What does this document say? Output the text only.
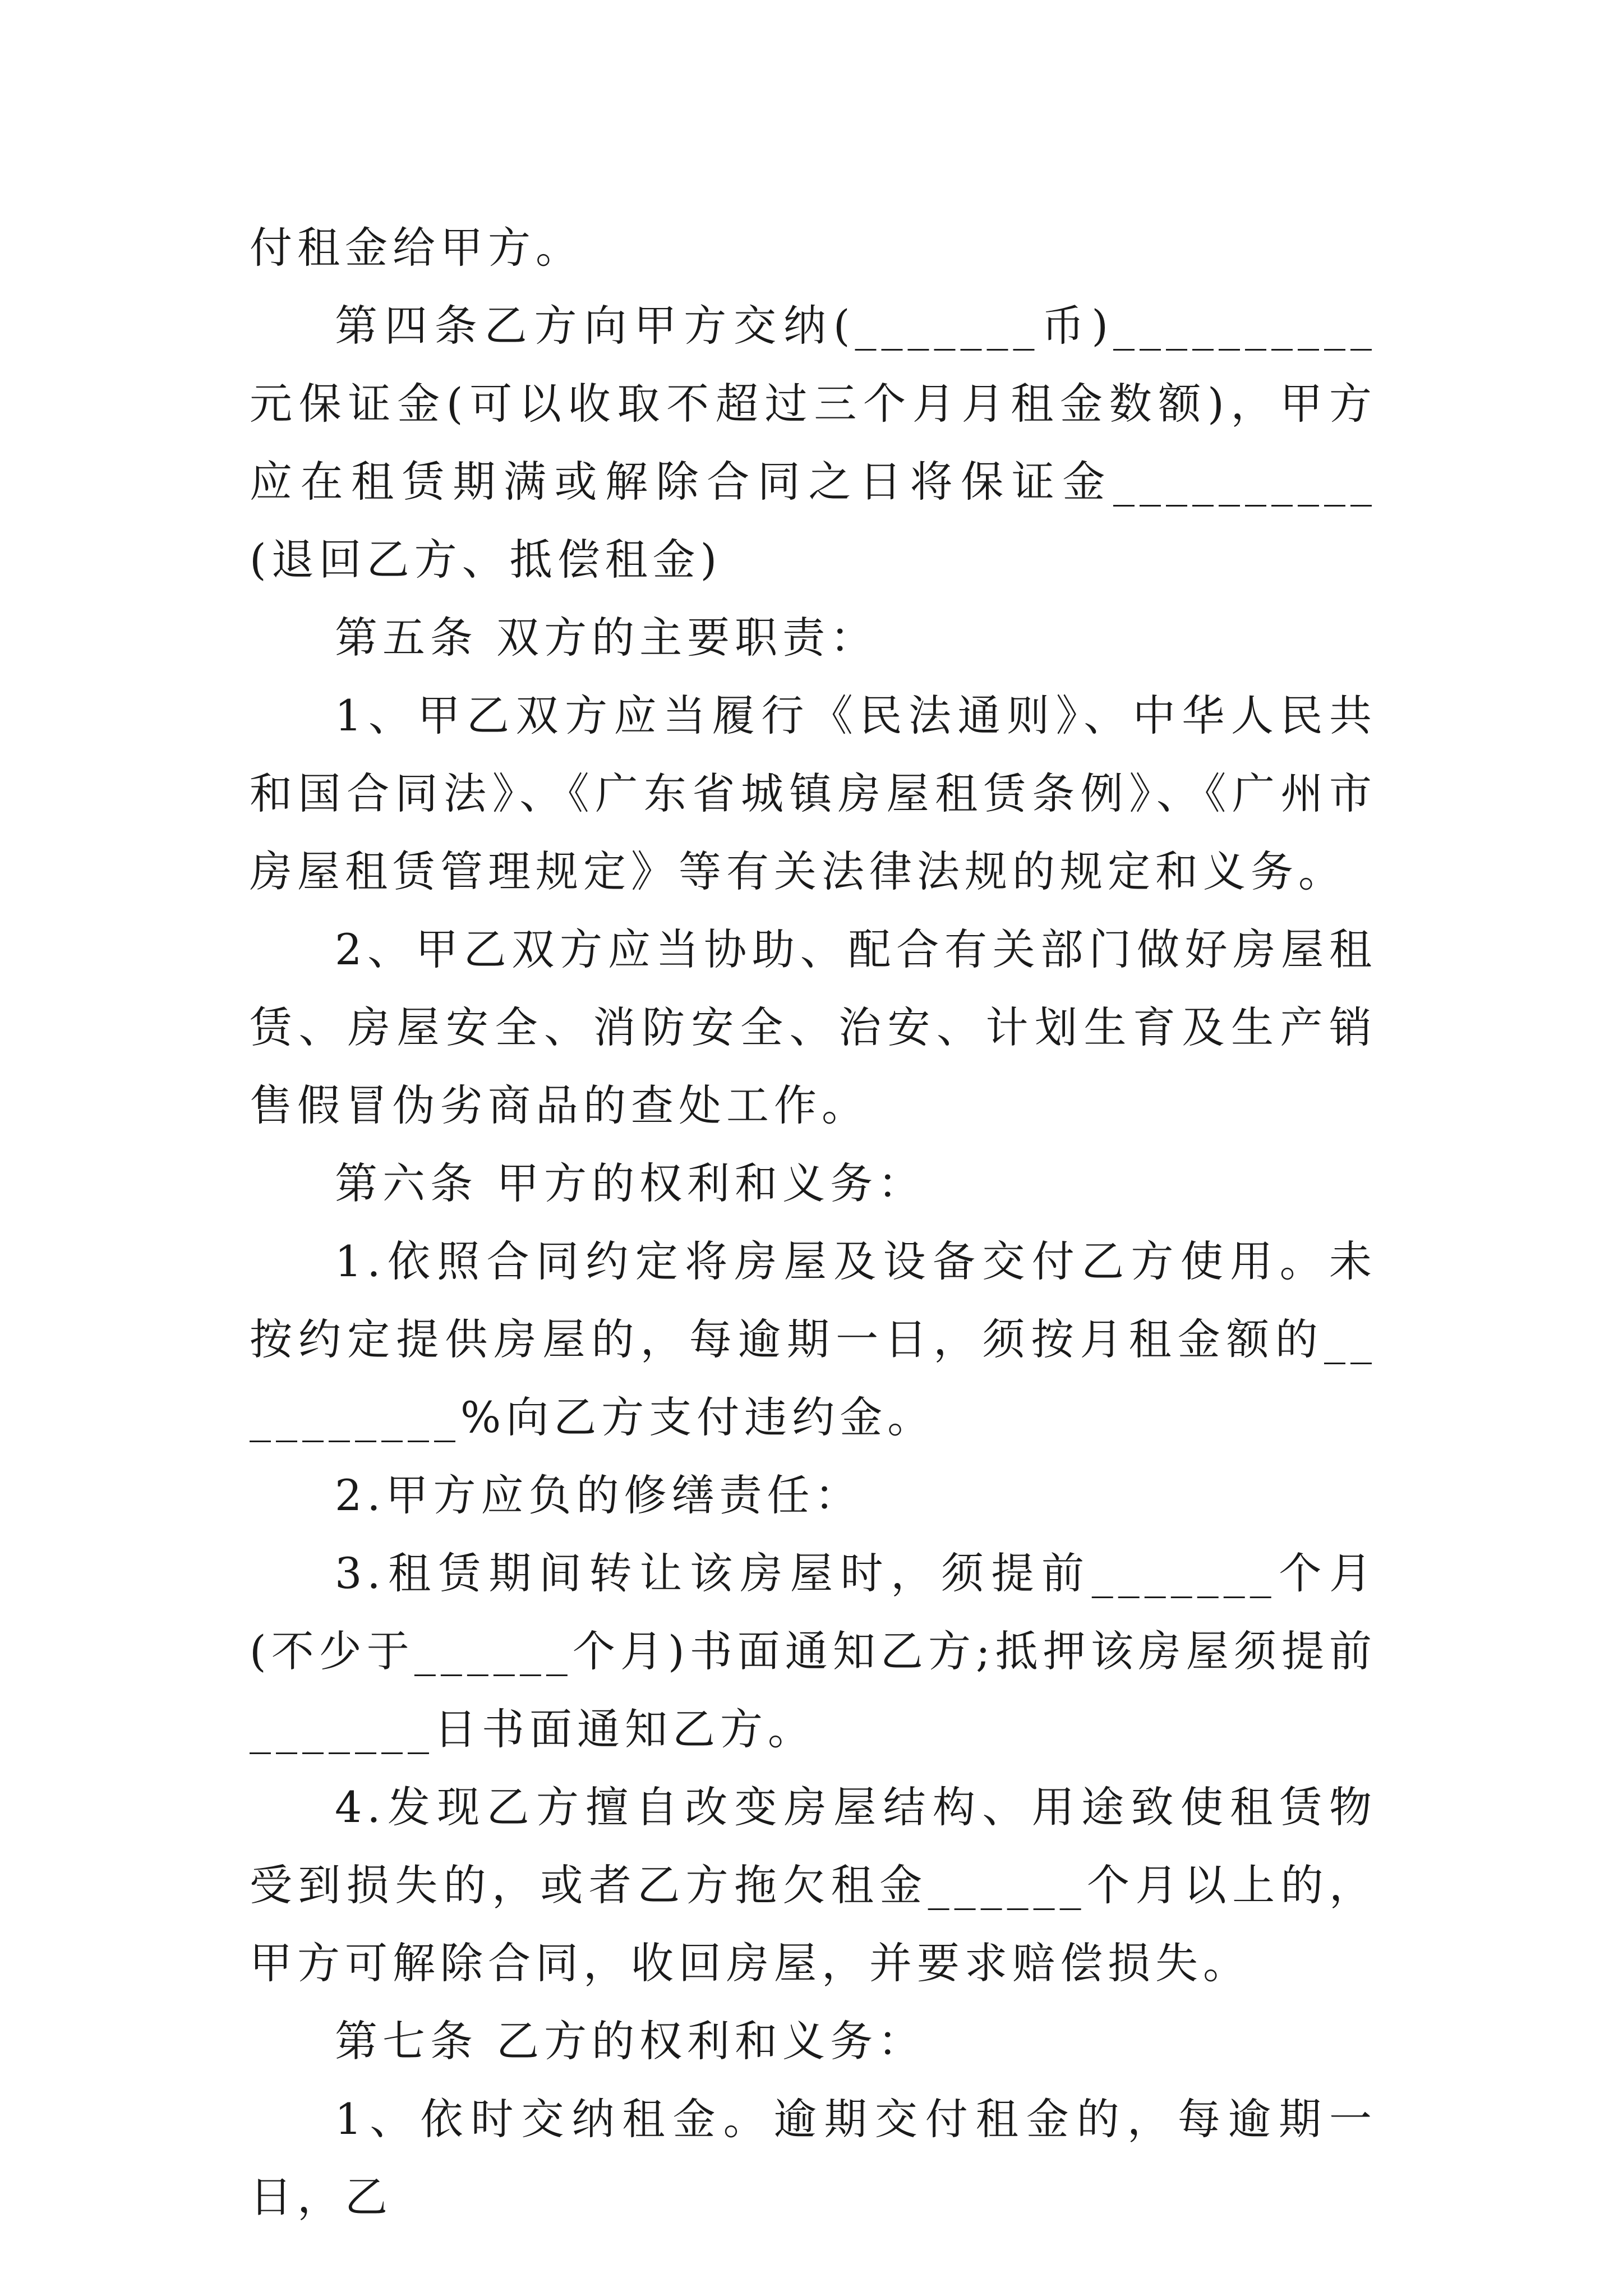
付租金给甲方。

第四条乙方向甲方交纳(_______币)__________元保证金(可以收取不超过三个月月租金数额)，甲方应在租赁期满或解除合同之日将保证金__________(退回乙方、抵偿租金)

第五条 双方的主要职责：

1、甲乙双方应当履行《民法通则》、中华人民共和国合同法》、《广东省城镇房屋租赁条例》、《广州市房屋租赁管理规定》等有关法律法规的规定和义务。

2、甲乙双方应当协助、配合有关部门做好房屋租赁、房屋安全、消防安全、治安、计划生育及生产销售假冒伪劣商品的查处工作。

第六条 甲方的权利和义务：

1.依照合同约定将房屋及设备交付乙方使用。未按约定提供房屋的，每逾期一日，须按月租金额的__________%向乙方支付违约金。

2.甲方应负的修缮责任：

3.租赁期间转让该房屋时，须提前_______个月(不少于______个月)书面通知乙方;抵押该房屋须提前_______日书面通知乙方。

4.发现乙方擅自改变房屋结构、用途致使租赁物受到损失的，或者乙方拖欠租金______个月以上的，甲方可解除合同，收回房屋，并要求赔偿损失。

第七条 乙方的权利和义务：

1、依时交纳租金。逾期交付租金的，每逾期一日，乙
